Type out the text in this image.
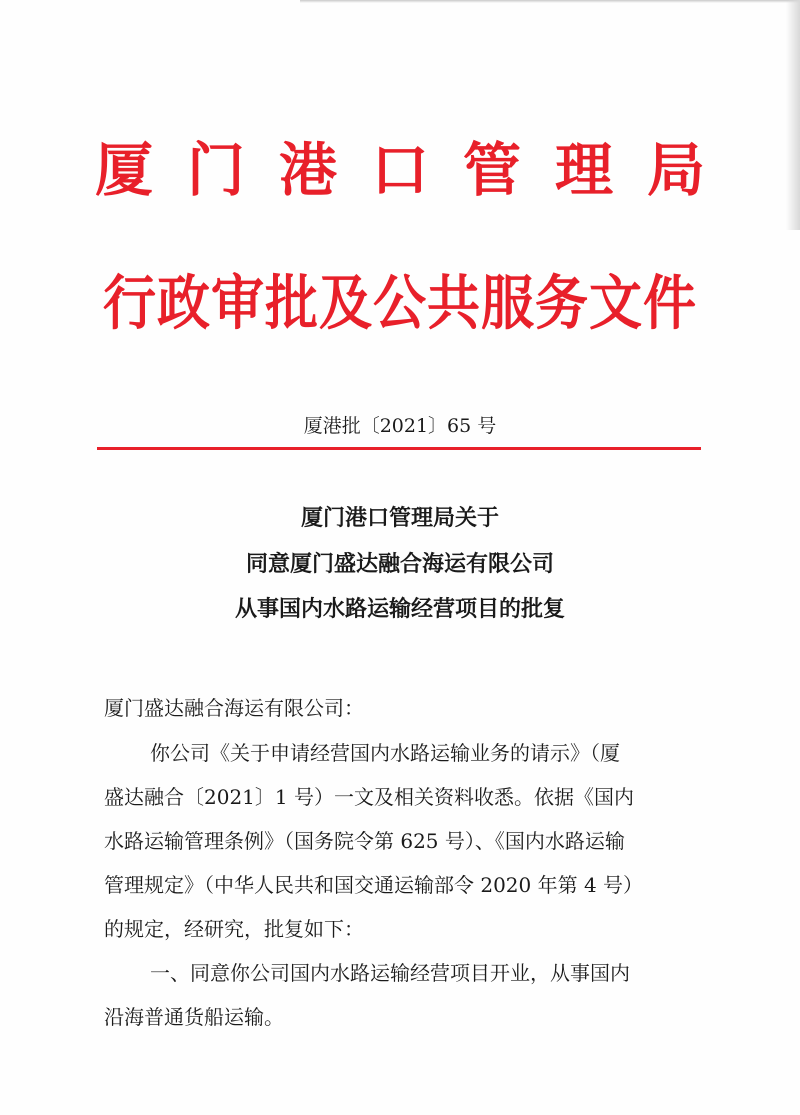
厦门港口管理局
行政审批及公共服务文件
厦港批〔2021〕65 号
厦门港口管理局关于
同意厦门盛达融合海运有限公司
从事国内水路运输经营项目的批复
厦门盛达融合海运有限公司：
你公司《关于申请经营国内水路运输业务的请示》（厦
盛达融合〔2021〕1 号）一文及相关资料收悉。依据《国内
水路运输管理条例》（国务院令第 625 号）、《国内水路运输
管理规定》（中华人民共和国交通运输部令 2020 年第 4 号）
的规定，经研究，批复如下：
一、同意你公司国内水路运输经营项目开业，从事国内
沿海普通货船运输。
